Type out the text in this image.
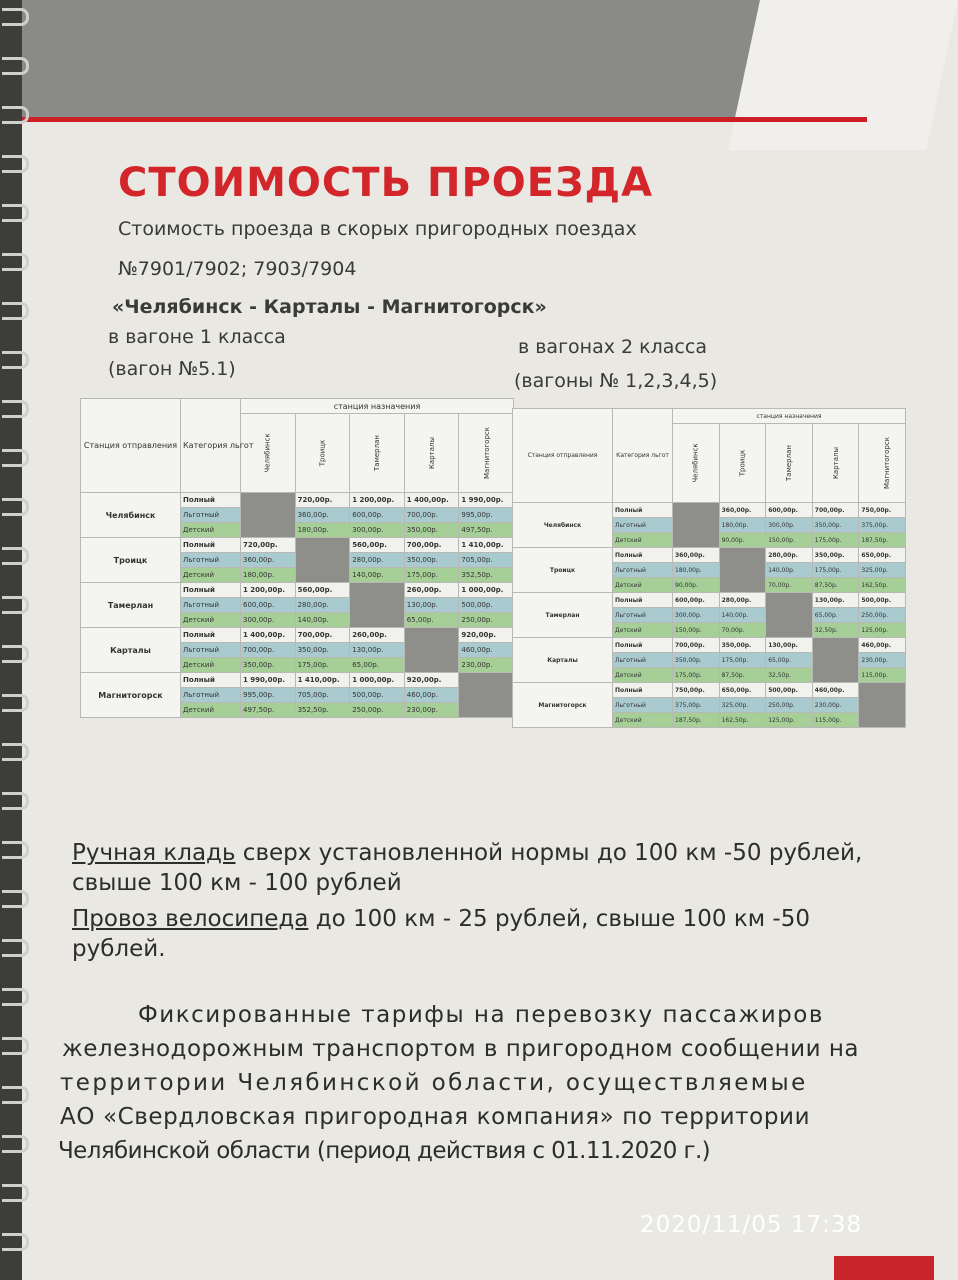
СТОИМОСТЬ ПРОЕЗДА
Стоимость проезда в скорых пригородных поездах
№7901/7902; 7903/7904
«Челябинск - Карталы - Магнитогорск»
в вагоне 1 класса
(вагон №5.1)
в вагонах 2 класса
(вагоны № 1,2,3,4,5)
Станция отправления	Категория льгот	станция назначения				
		Челябинск	Троицк	Тамерлан	Карталы	Магнитогорск
Челябинск	Полный		720,00р.	1 200,00р.	1 400,00р.	1 990,00р.
	Льготный		360,00р.	600,00р.	700,00р.	995,00р.
	Детский		180,00р.	300,00р.	350,00р.	497,50р.
Троицк	Полный	720,00р.		560,00р.	700,00р.	1 410,00р.
	Льготный	360,00р.		280,00р.	350,00р.	705,00р.
	Детский	180,00р.		140,00р.	175,00р.	352,50р.
Тамерлан	Полный	1 200,00р.	560,00р.		260,00р.	1 000,00р.
	Льготный	600,00р.	280,00р.		130,00р.	500,00р.
	Детский	300,00р.	140,00р.		65,00р.	250,00р.
Карталы	Полный	1 400,00р.	700,00р.	260,00р.		920,00р.
	Льготный	700,00р.	350,00р.	130,00р.		460,00р.
	Детский	350,00р.	175,00р.	65,00р.		230,00р.
Магнитогорск	Полный	1 990,00р.	1 410,00р.	1 000,00р.	920,00р.	
	Льготный	995,00р.	705,00р.	500,00р.	460,00р.	
	Детский	497,50р.	352,50р.	250,00р.	230,00р.	
Станция отправления	Категория льгот	станция назначения				
		Челябинск	Троицк	Тамерлан	Карталы	Магнитогорск
Челябинск	Полный		360,00р.	600,00р.	700,00р.	750,00р.
	Льготный		180,00р.	300,00р.	350,00р.	375,00р.
	Детский		90,00р.	150,00р.	175,00р.	187,50р.
Троицк	Полный	360,00р.		280,00р.	350,00р.	650,00р.
	Льготный	180,00р.		140,00р.	175,00р.	325,00р.
	Детский	90,00р.		70,00р.	87,50р.	162,50р.
Тамерлан	Полный	600,00р.	280,00р.		130,00р.	500,00р.
	Льготный	300,00р.	140,00р.		65,00р.	250,00р.
	Детский	150,00р.	70,00р.		32,50р.	125,00р.
Карталы	Полный	700,00р.	350,00р.	130,00р.		460,00р.
	Льготный	350,00р.	175,00р.	65,00р.		230,00р.
	Детский	175,00р.	87,50р.	32,50р.		115,00р.
Магнитогорск	Полный	750,00р.	650,00р.	500,00р.	460,00р.	
	Льготный	375,00р.	325,00р.	250,00р.	230,00р.	
	Детский	187,50р.	162,50р.	125,00р.	115,00р.	
Ручная кладь сверх установленной нормы до 100 км -50 рублей,
свыше 100 км - 100 рублей
Провоз велосипеда до 100 км - 25 рублей, свыше 100 км -50
рублей.
Фиксированные тарифы на перевозку пассажиров
железнодорожным транспортом в пригородном сообщении на
территории Челябинской области, осуществляемые
АО «Свердловская пригородная компания» по территории
Челябинской области (период действия с 01.11.2020 г.)
2020/11/05 17:38
